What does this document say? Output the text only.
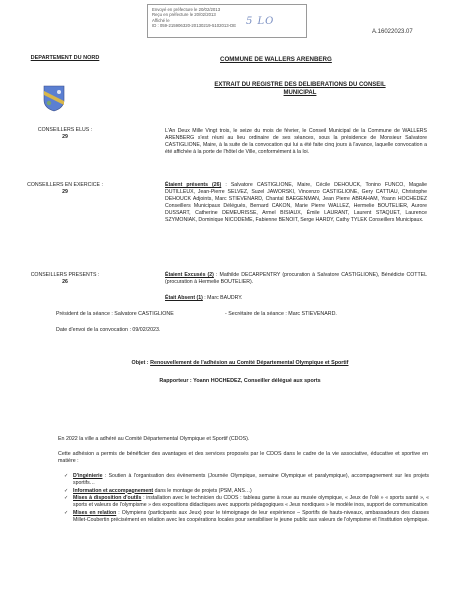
Envoyé en préfecture le 20/02/2013
Reçu en préfecture le 20/02/2013
Affiché le
ID : 059-215906320-20130219-5102013-DE 5 LO
A.16022023.07
DEPARTEMENT DU NORD	COMMUNE DE WALLERS ARENBERG
EXTRAIT DU REGISTRE DES DELIBERATIONS DU CONSEIL MUNICIPAL
CONSEILLERS ELUS :
29
CONSEILLERS EN EXERCICE :
29
CONSEILLERS PRESENTS :
26
L'An Deux Mille Vingt trois, le seize du mois de février, le Conseil Municipal de la Commune de WALLERS ARENBERG s'est réuni au lieu ordinaire de ses séances, sous la présidence de Monsieur Salvatore CASTIGLIONE, Maire, à la suite de la convocation qui lui a été faite cinq jours à l'avance, laquelle convocation a été affichée à la porte de l'hôtel de Ville, conformément à la loi.
Étaient présents (26) : Salvatore CASTIGLIONE, Maire, Cécile DEHOUCK, Tonino FUNCO, Magalie DUTILLEUX, Jean-Pierre SELVEZ, Suzel JAWORSKI, Vincenzo CASTIGLIONE, Gery CATTIAU, Christophe DEHOUCK Adjoints, Marc STIEVENARD, Chantal BAEGENMAN, Jean Pierre ABRAHAM, Yoann HOCHEDEZ Conseillers Municipaux Délégués, Bernard CAKON, Marie Pierre WALLEZ, Hermelie BOUTELIER, Aurore DUSSART, Catherine DEMEURISSE, Armel BISIAUX, Émile LAURANT, Laurent STAQUET, Laurence SZYMONIAK, Dominique NICODEME, Fabienne BENOIT, Serge HARDY, Cathy TYLEK Conseillers Municipaux.
Étaient Excusés (2) : Mathilde DECARPENTRY (procuration à Salvatore CASTIGLIONE), Bénédicte COTTEL (procuration à Hermelie BOUTELIER).
Était Absent (1) : Marc BAUDRY.
Président de la séance : Salvatore CASTIGLIONE	- Secrétaire de la séance : Marc STIEVENARD.
Date d'envoi de la convocation : 09/02/2023.
Objet : Renouvellement de l'adhésion au Comité Départemental Olympique et Sportif
Rapporteur : Yoann HOCHEDEZ, Conseiller délégué aux sports
En 2022 la ville a adhéré au Comité Départemental Olympique et Sportif (CDOS).
Cette adhésion a permis de bénéficier des avantages et des services proposés par le CDOS dans le cadre de la vie associative, éducative et sportive en matière :
✓ D'ingénierie : Soutien à l'organisation des évènements (Journée Olympique, semaine Olympique et paralympique), accompagnement sur les projets sportifs…
✓ Information et accompagnement dans le montage de projets (PSM, ANS…)
✓ Mises à disposition d'outils : installation avec le technicien du CDOS : tableau game à roue au musée olympique, « Jeux de l'olé » « sports santé », « sports et valeurs de l'olympisme » des expositions didactiques avec supports pédagogiques « Jeux nordiques » le modèle inos, support de communication
✓ Mises en relation : Olympiens (participants aux Jeux) pour le témoignage de leur expérience – Sportifs de hauts-niveaux, ambassadeurs des classes Millet-Coubertin précisément en relation avec les coopérations locales pour sensibiliser le jeune public aux valeurs de l'olympisme et l'institution olympique.
